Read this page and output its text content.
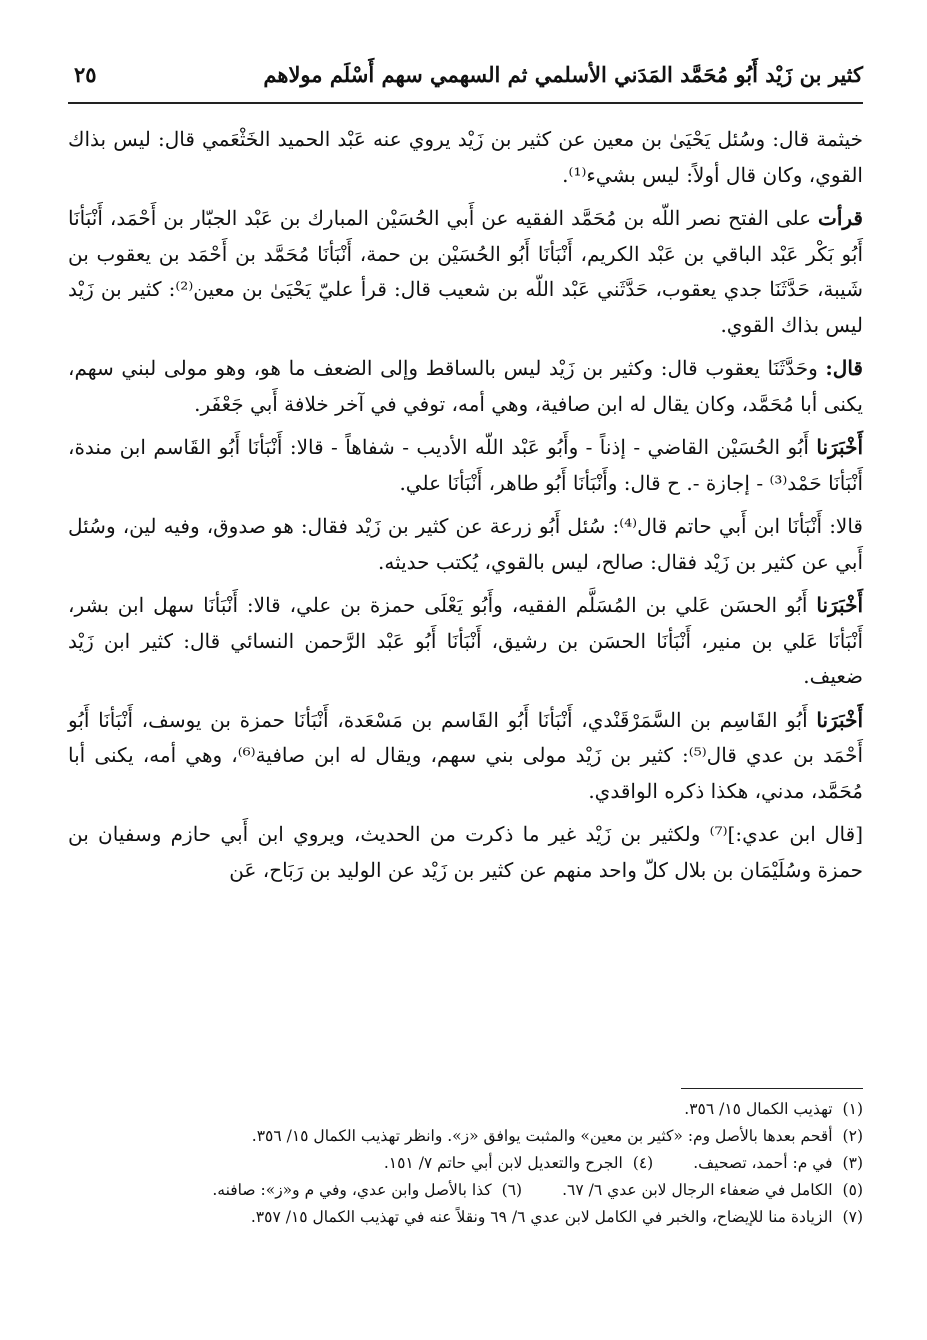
كثير بن زَيْد أَبُو مُحَمَّد المَدَني الأسلمي ثم السهمي سهم أَسْلَم مولاهم
٢٥

خيثمة قال: وسُئل يَحْيَىٰ بن معين عن كثير بن زَيْد يروي عنه عَبْد الحميد الخَثْعَمي قال: ليس بذاك القوي، وكان قال أولاً: ليس بشيء⁽¹⁾.

قرأت على الفتح نصر اللّه بن مُحَمَّد الفقيه عن أَبي الحُسَيْن المبارك بن عَبْد الجبّار بن أَحْمَد، أَنْبَأنَا أَبُو بَكْر عَبْد الباقي بن عَبْد الكريم، أَنْبَأنَا أَبُو الحُسَيْن بن حمة، أَنْبَأنَا مُحَمَّد بن أَحْمَد بن يعقوب بن شَيبة، حَدَّثَنَا جدي يعقوب، حَدَّثَني عَبْد اللّه بن شعيب قال: قرأ عليّ يَحْيَىٰ بن معين⁽²⁾: كثير بن زَيْد ليس بذاك القوي.

قال: وحَدَّثَنَا يعقوب قال: وكثير بن زَيْد ليس بالساقط وإلى الضعف ما هو، وهو مولى لبني سهم، يكنى أبا مُحَمَّد، وكان يقال له ابن صافية، وهي أمه، توفي في آخر خلافة أَبي جَعْفَر.

أَخْبَرَنا أَبُو الحُسَيْن القاضي - إذناً - وأَبُو عَبْد اللّه الأديب - شفاهاً - قالا: أَنْبَأنَا أَبُو القَاسم ابن مندة، أَنْبَأنَا حَمْد⁽³⁾ - إجازة -. ح قال: وأَنْبَأنَا أَبُو طاهر، أَنْبَأنَا علي.

قالا: أَنْبَأنَا ابن أَبي حاتم قال⁽⁴⁾: سُئل أَبُو زرعة عن كثير بن زَيْد فقال: هو صدوق، وفيه لين، وسُئل أَبي عن كثير بن زَيْد فقال: صالح، ليس بالقوي، يُكتب حديثه.

أَخْبَرَنا أَبُو الحسَن عَلي بن المُسَلَّم الفقيه، وأَبُو يَعْلَى حمزة بن علي، قالا: أَنْبَأنَا سهل ابن بشر، أَنْبَأنَا عَلي بن منير، أَنْبَأنَا الحسَن بن رشيق، أَنْبَأنَا أَبُو عَبْد الرَّحمن النسائي قال: كثير ابن زَيْد ضعيف.

أَخْبَرَنا أَبُو القَاسِم بن السَّمَرْقَنْدي، أَنْبَأنَا أَبُو القَاسم بن مَسْعَدة، أَنْبَأنَا حمزة بن يوسف، أَنْبَأنَا أَبُو أَحْمَد بن عدي قال⁽⁵⁾: كثير بن زَيْد مولى بني سهم، ويقال له ابن صافية⁽⁶⁾، وهي أمه، يكنى أبا مُحَمَّد، مدني، هكذا ذكره الواقدي.

[قال ابن عدي:]⁽⁷⁾ ولكثير بن زَيْد غير ما ذكرت من الحديث، ويروي ابن أَبي حازم وسفيان بن حمزة وسُلَيْمَان بن بلال كلّ واحد منهم عن كثير بن زَيْد عن الوليد بن رَبَاح، عَن

(١)
تهذيب الكمال ١٥/ ٣٥٦.
(٢)
أقحم بعدها بالأصل وم: «كثير بن معين» والمثبت يوافق «ز». وانظر تهذيب الكمال ١٥/ ٣٥٦.
(٣)
في م: أحمد، تصحيف.
(٤)
الجرح والتعديل لابن أبي حاتم ٧/ ١٥١.
(٥)
الكامل في ضعفاء الرجال لابن عدي ٦/ ٦٧.
(٦)
كذا بالأصل وابن عدي، وفي م و«ز»: صافنه.
(٧)
الزيادة منا للإيضاح، والخبر في الكامل لابن عدي ٦/ ٦٩ ونقلاً عنه في تهذيب الكمال ١٥/ ٣٥٧.
